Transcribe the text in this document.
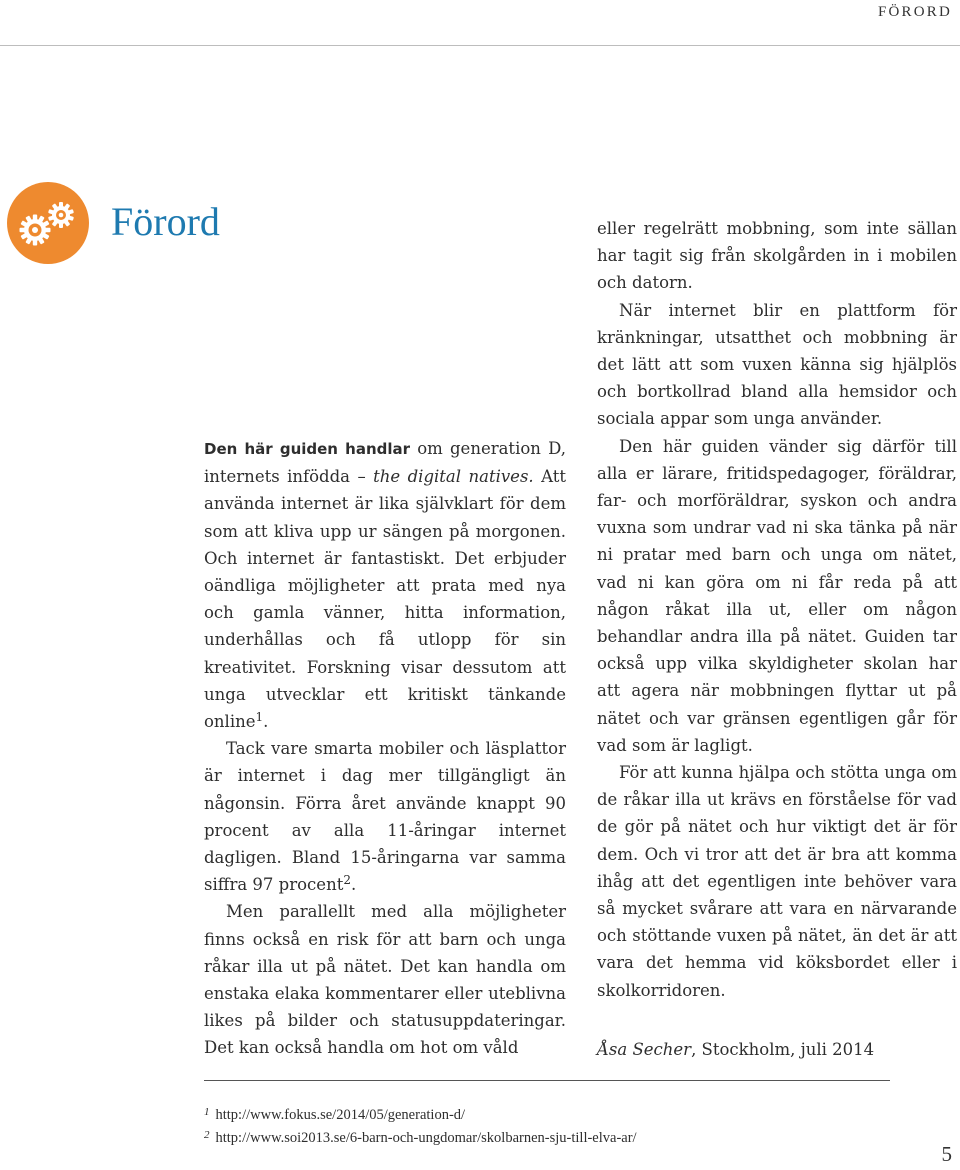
FÖRORD
Förord

Den här guiden handlar om generation D, internets infödda – the digital natives. Att använda internet är lika självklart för dem som att kliva upp ur sängen på morgonen. Och internet är fantastiskt. Det erbjuder oändliga möjligheter att prata med nya och gamla vänner, hitta information, underhållas och få utlopp för sin kreativitet. Forskning visar dessutom att unga utvecklar ett kritiskt tänkande online$^1$.

Tack vare smarta mobiler och läsplattor är internet i dag mer tillgängligt än någonsin. Förra året använde knappt 90 procent av alla 11-åringar internet dagligen. Bland 15-åringarna var samma siffra 97 procent$^2$.

Men parallellt med alla möjligheter finns också en risk för att barn och unga råkar illa ut på nätet. Det kan handla om enstaka elaka kommentarer eller uteblivna likes på bilder och statusuppdateringar. Det kan också handla om hot om våld

eller regelrätt mobbning, som inte sällan har tagit sig från skolgården in i mobilen och datorn.

När internet blir en plattform för kränkningar, utsatthet och mobbning är det lätt att som vuxen känna sig hjälplös och bortkollrad bland alla hemsidor och sociala appar som unga använder.

Den här guiden vänder sig därför till alla er lärare, fritidspedagoger, föräldrar, far- och morföräldrar, syskon och andra vuxna som undrar vad ni ska tänka på när ni pratar med barn och unga om nätet, vad ni kan göra om ni får reda på att någon råkat illa ut, eller om någon behandlar andra illa på nätet. Guiden tar också upp vilka skyldigheter skolan har att agera när mobbningen flyttar ut på nätet och var gränsen egentligen går för vad som är lagligt.

För att kunna hjälpa och stötta unga om de råkar illa ut krävs en förståelse för vad de gör på nätet och hur viktigt det är för dem. Och vi tror att det är bra att komma ihåg att det egentligen inte behöver vara så mycket svårare att vara en närvarande och stöttande vuxen på nätet, än det är att vara det hemma vid köksbordet eller i skolkorridoren.

Åsa Secher, Stockholm, juli 2014
$^1$ http://www.fokus.se/2014/05/generation-d/
$^2$ http://www.soi2013.se/6-barn-och-ungdomar/skolbarnen-sju-till-elva-ar/
5
